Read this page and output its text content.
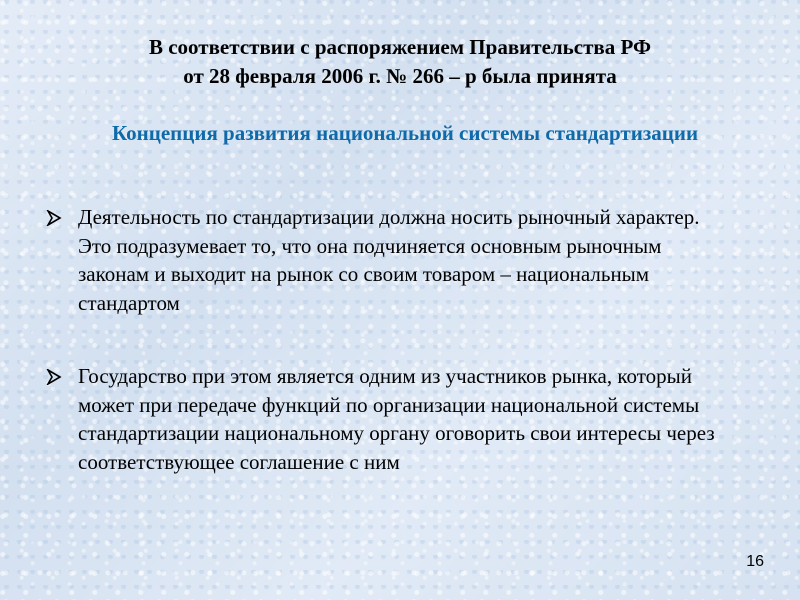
В соответствии с распоряжением Правительства РФ
от 28 февраля 2006 г. № 266 – р была принята
Концепция развития национальной системы стандартизации
Деятельность по стандартизации должна носить рыночный характер. Это подразумевает то, что она подчиняется основным рыночным законам и выходит на рынок со своим товаром – национальным стандартом
Государство при этом является одним из участников рынка, который может при передаче функций по организации национальной системы стандартизации национальному органу оговорить свои интересы через соответствующее соглашение с ним
16
